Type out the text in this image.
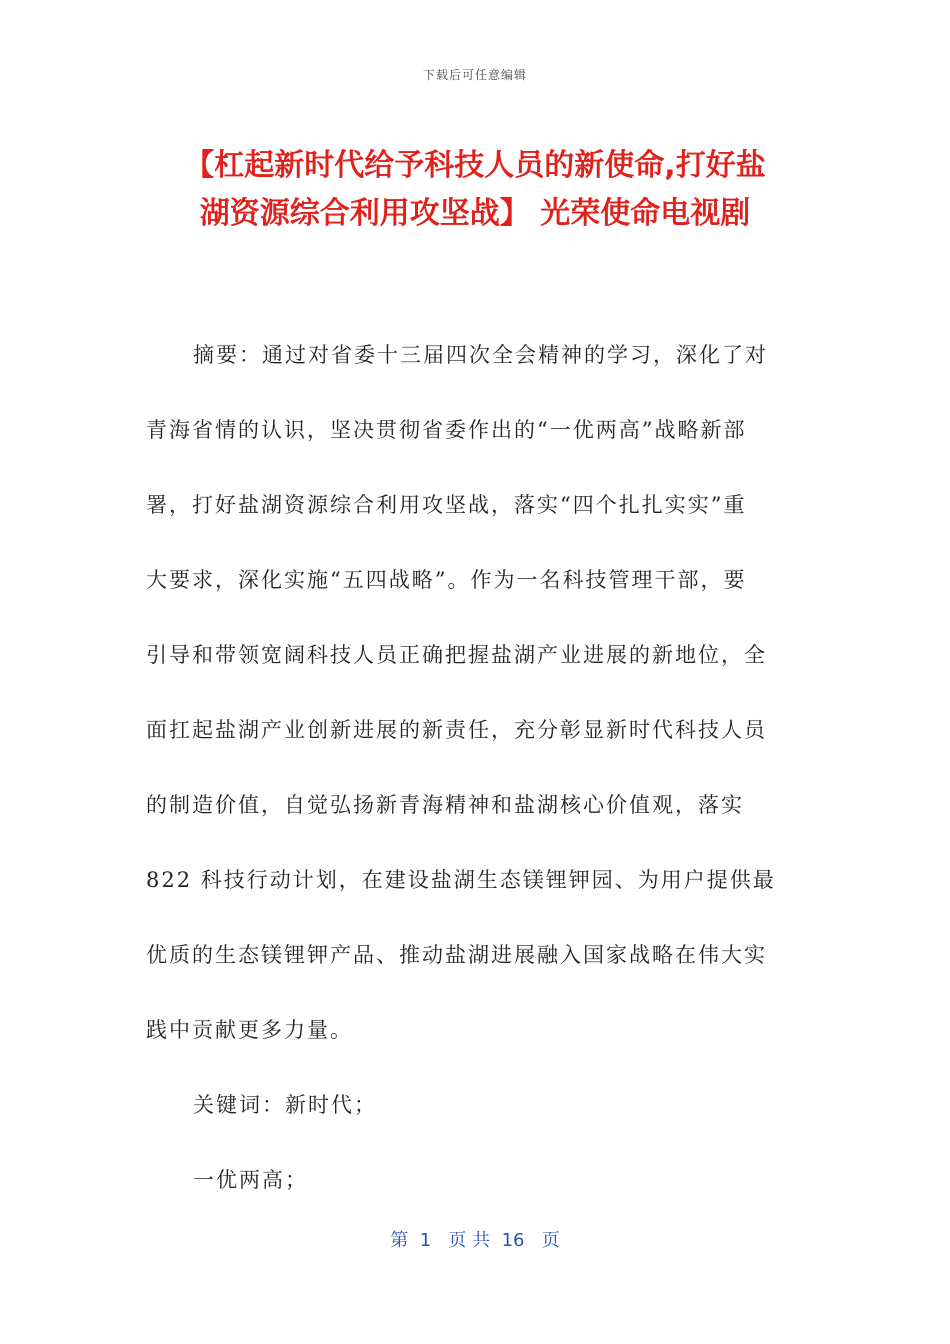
下载后可任意编辑
【杠起新时代给予科技人员的新使命,打好盐
湖资源综合利用攻坚战】 光荣使命电视剧
摘要：通过对省委十三届四次全会精神的学习，深化了对
青海省情的认识，坚决贯彻省委作出的“一优两高”战略新部
署，打好盐湖资源综合利用攻坚战，落实“四个扎扎实实”重
大要求，深化实施“五四战略”。作为一名科技管理干部，要
引导和带领宽阔科技人员正确把握盐湖产业进展的新地位，全
面扛起盐湖产业创新进展的新责任，充分彰显新时代科技人员
的制造价值，自觉弘扬新青海精神和盐湖核心价值观，落实
822 科技行动计划，在建设盐湖生态镁锂钾园、为用户提供最
优质的生态镁锂钾产品、推动盐湖进展融入国家战略在伟大实
践中贡献更多力量。
关键词：新时代；
一优两高；
第  1   页 共  16   页
